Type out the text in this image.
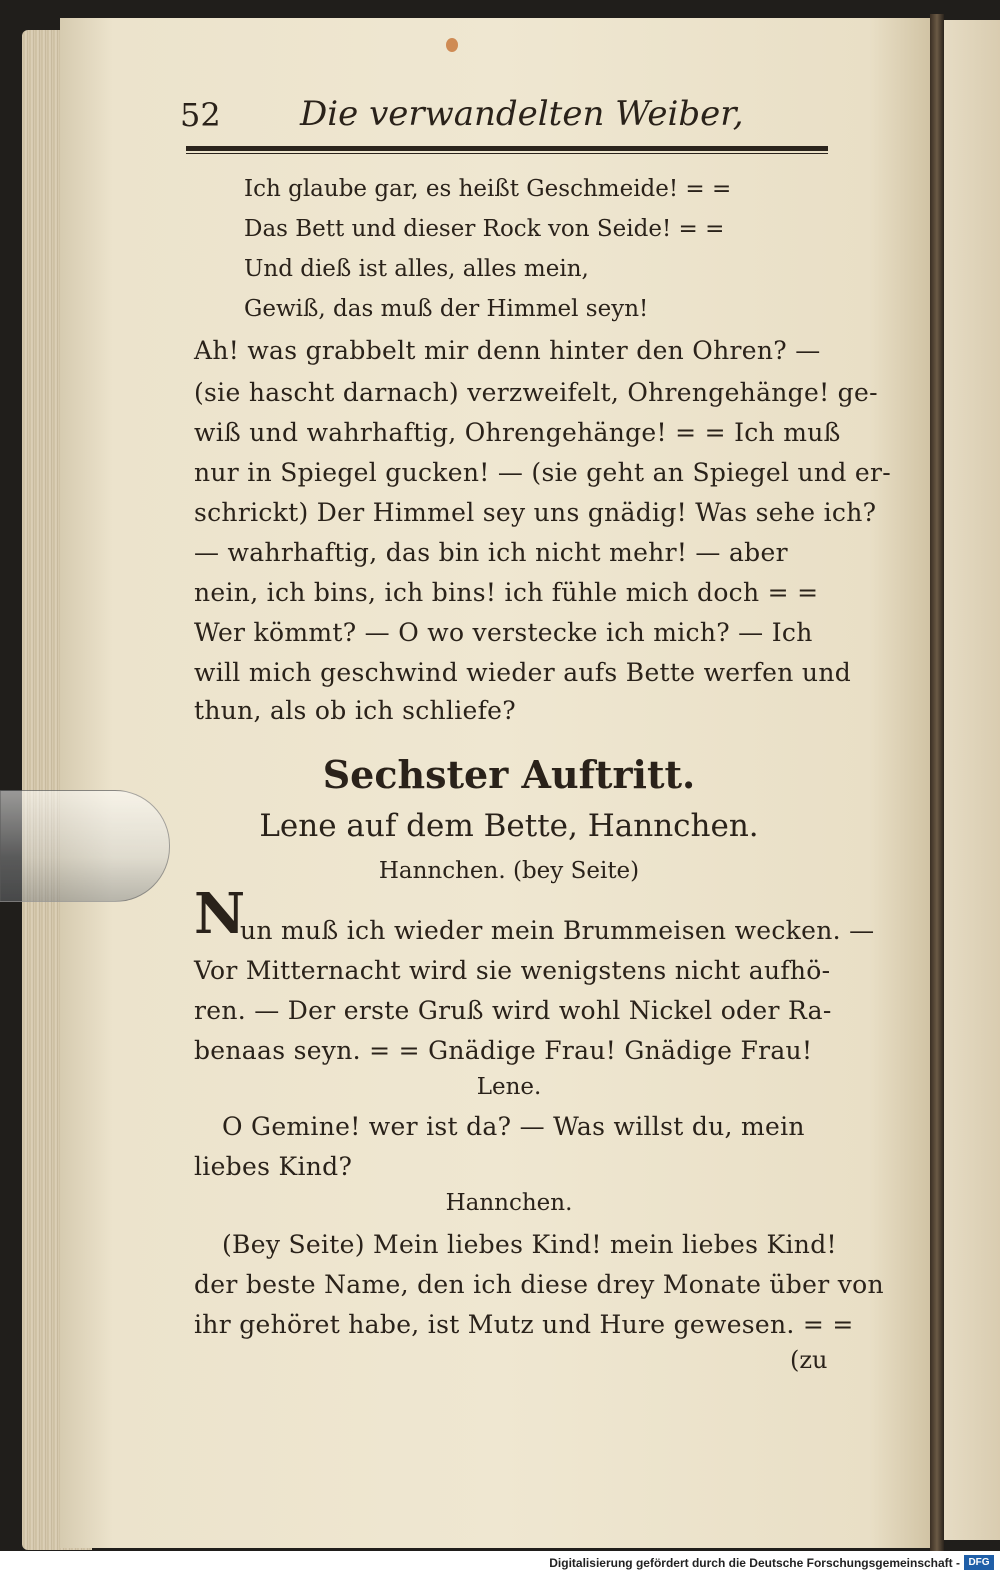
52 Die verwandelten Weiber,
Ich glaube gar, es heißt Geschmeide! = =
Das Bett und dieser Rock von Seide! = =
Und dieß ist alles, alles mein,
Gewiß, das muß der Himmel seyn!
Ah! was grabbelt mir denn hinter den Ohren? —
(sie hascht darnach) verzweifelt, Ohrengehänge! ge-
wiß und wahrhaftig, Ohrengehänge! = = Ich muß
nur in Spiegel gucken! — (sie geht an Spiegel und er-
schrickt) Der Himmel sey uns gnädig! Was sehe ich?
— wahrhaftig, das bin ich nicht mehr! — aber
nein, ich bins, ich bins! ich fühle mich doch = =
Wer kömmt? — O wo verstecke ich mich? — Ich
will mich geschwind wieder aufs Bette werfen und
thun, als ob ich schliefe?
Sechster Auftritt.
Lene auf dem Bette, Hannchen.
Hannchen. (bey Seite)
N
un muß ich wieder mein Brummeisen wecken. —
Vor Mitternacht wird sie wenigstens nicht aufhö-
ren. — Der erste Gruß wird wohl Nickel oder Ra-
benaas seyn. = = Gnädige Frau! Gnädige Frau!
Lene.
O Gemine! wer ist da? — Was willst du, mein
liebes Kind?
Hannchen.
(Bey Seite) Mein liebes Kind! mein liebes Kind!
der beste Name, den ich diese drey Monate über von
ihr gehöret habe, ist Mutz und Hure gewesen. = =
(zu
Digitalisierung gefördert durch die Deutsche Forschungsgemeinschaft - DFG
